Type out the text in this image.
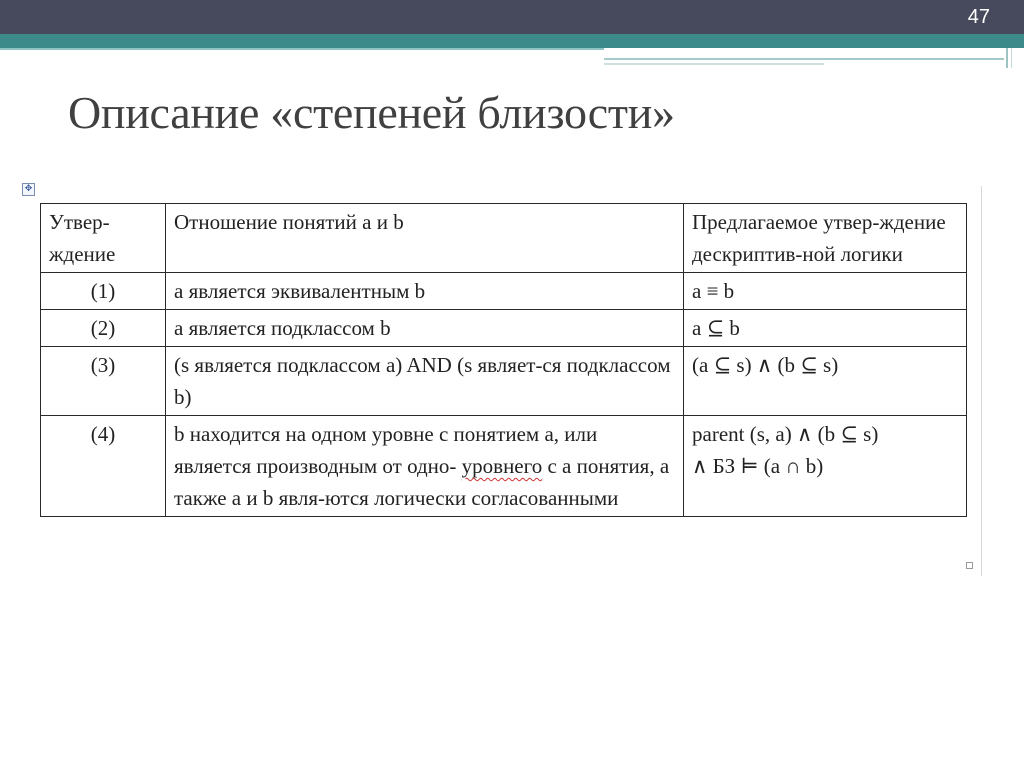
47
Описание «степеней близости»
✥
Утвер-ждение	Отношение понятий a и b	Предлагаемое утвер-ждение дескриптив-ной логики
(1)	a является эквивалентным b	a ≡ b
(2)	a является подклассом b	a ⊆ b
(3)	(s является подклассом a) AND (s являет-ся подклассом b)	(a ⊆ s) ∧ (b ⊆ s)
(4)	b находится на одном уровне с понятием a, или является производным от одно- уровнего с a понятия, а также a и b явля-ются логически согласованными	parent (s, a) ∧ (b ⊆ s)
∧ БЗ ⊨ (a ∩ b)
